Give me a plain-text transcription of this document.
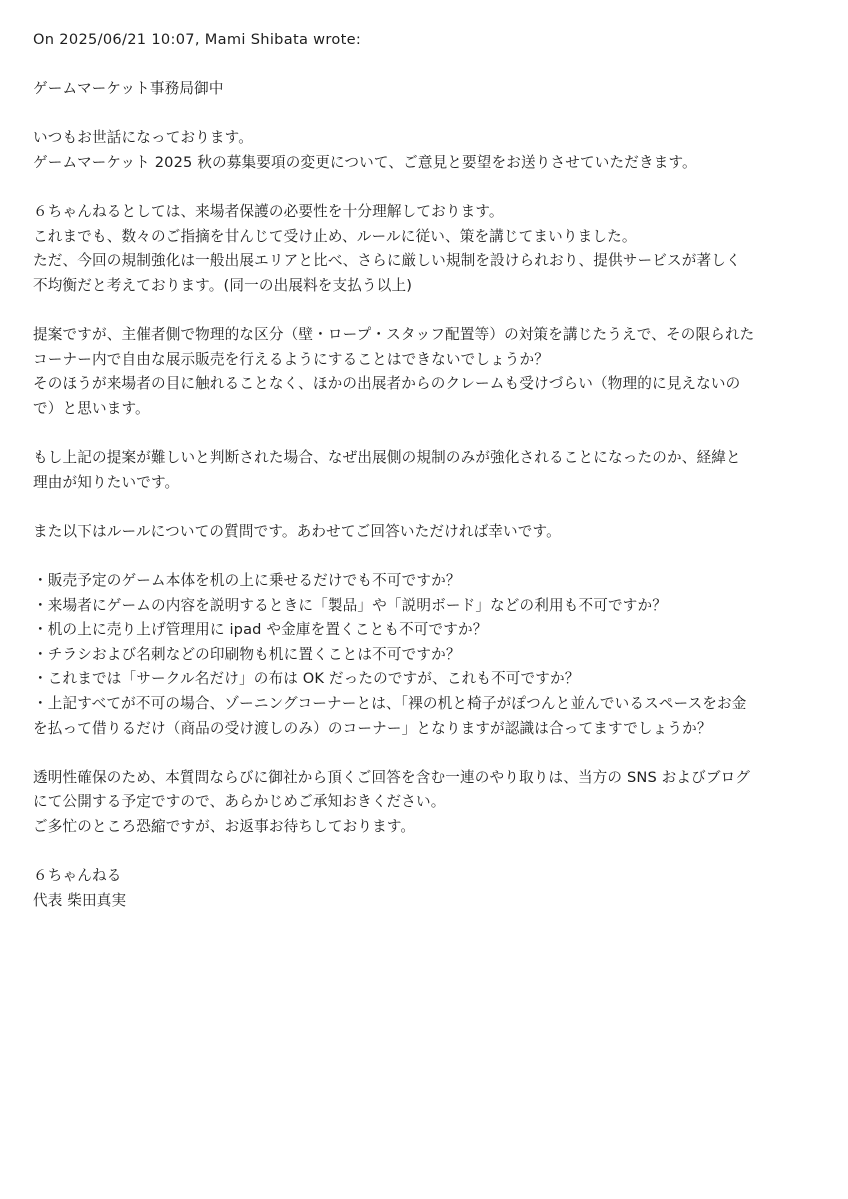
On 2025/06/21 10:07, Mami Shibata wrote:
ゲームマーケット事務局御中
いつもお世話になっております。
ゲームマーケット 2025 秋の募集要項の変更について、ご意見と要望をお送りさせていただきます。
６ちゃんねるとしては、来場者保護の必要性を十分理解しております。
これまでも、数々のご指摘を甘んじて受け止め、ルールに従い、策を講じてまいりました。
ただ、今回の規制強化は一般出展エリアと比べ、さらに厳しい規制を設けられおり、提供サービスが著しく
不均衡だと考えております。(同一の出展料を支払う以上)
提案ですが、主催者側で物理的な区分（壁・ロープ・スタッフ配置等）の対策を講じたうえで、その限られた
コーナー内で自由な展示販売を行えるようにすることはできないでしょうか？
そのほうが来場者の目に触れることなく、ほかの出展者からのクレームも受けづらい（物理的に見えないの
で）と思います。
もし上記の提案が難しいと判断された場合、なぜ出展側の規制のみが強化されることになったのか、経緯と
理由が知りたいです。
また以下はルールについての質問です。あわせてご回答いただければ幸いです。
・販売予定のゲーム本体を机の上に乗せるだけでも不可ですか？
・来場者にゲームの内容を説明するときに「製品」や「説明ボード」などの利用も不可ですか？
・机の上に売り上げ管理用に ipad や金庫を置くことも不可ですか？
・チラシおよび名刺などの印刷物も机に置くことは不可ですか？
・これまでは「サークル名だけ」の布は OK だったのですが、これも不可ですか？
・上記すべてが不可の場合、ゾーニングコーナーとは、「裸の机と椅子がぽつんと並んでいるスペースをお金
を払って借りるだけ（商品の受け渡しのみ）のコーナー」となりますが認識は合ってますでしょうか？
透明性確保のため、本質問ならびに御社から頂くご回答を含む一連のやり取りは、当方の SNS およびブログ
にて公開する予定ですので、あらかじめご承知おきください。
ご多忙のところ恐縮ですが、お返事お待ちしております。
６ちゃんねる
代表 柴田真実
